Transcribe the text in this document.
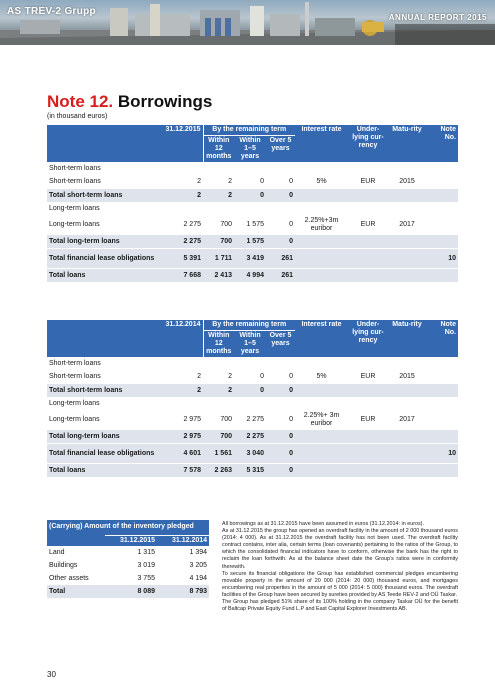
AS TREV-2 Grupp
ANNUAL REPORT 2015
Note 12. Borrowings
(in thousand euros)
	31.12.2015	By the remaining term			Interest rate	Under-lying cur-rency	Matu-rity	Note No.
		Within 12 months	Within 1–5 years	Over 5 years				
Short-term loans								
Short-term loans	2	2	0	0	5%	EUR	2015	
Total short-term loans	2	2	0	0				
Long-term loans								
Long-term loans	2 275	700	1 575	0	2.25%+3m euribor	EUR	2017	
Total long-term loans	2 275	700	1 575	0				
Total financial lease obligations	5 391	1 711	3 419	261				10
Total loans	7 668	2 413	4 994	261				
	31.12.2014	By the remaining term			Interest rate	Under-lying cur-rency	Matu-rity	Note No.
		Within 12 months	Within 1–5 years	Over 5 years				
Short-term loans								
Short-term loans	2	2	0	0	5%	EUR	2015	
Total short-term loans	2	2	0	0				
Long-term loans								
Long-term loans	2 975	700	2 275	0	2.25%+ 3m euribor	EUR	2017	
Total long-term loans	2 975	700	2 275	0				
Total financial lease obligations	4 601	1 561	3 040	0				10
Total loans	7 578	2 263	5 315	0				
(Carrying) Amount of the inventory pledged		
	31.12.2015	31.12.2014
Land	1 315	1 394
Buildings	3 019	3 205
Other assets	3 755	4 194
Total	8 089	8 793

All borrowings as at 31.12.2015 have been assumed in euros (31.12.2014: in euros).

As at 31.12.2015 the group has opened an overdraft facility in the amount of 2 000 thousand euros (2014: 4 000). As at 31.12.2015 the overdraft facility has not been used. The overdraft facility contract contains, inter alia, certain terms (loan covenants) pertaining to the ratios of the Group, to which the consolidated financial indicators have to conform, otherwise the bank has the right to reclaim the loan forthwith. As at the balance sheet date the Group’s ratios were in conformity therewith.

To secure its financial obligations the Group has established commercial pledges encumbering movable property in the amount of 20 000 (2014: 20 000) thousand euros, and mortgages encumbering real properties in the amount of 5 000 (2014: 5 000) thousand euros. The overdraft facilities of the Group have been secured by sureties provided by AS Teede REV-2 and OÜ Taskar.

The Group has pledged 51% share of its 100% holding in the company Taskar OÜ for the benefit of Baltcap Private Equity Fund L.P and East Capital Explorer Investments AB.

30
